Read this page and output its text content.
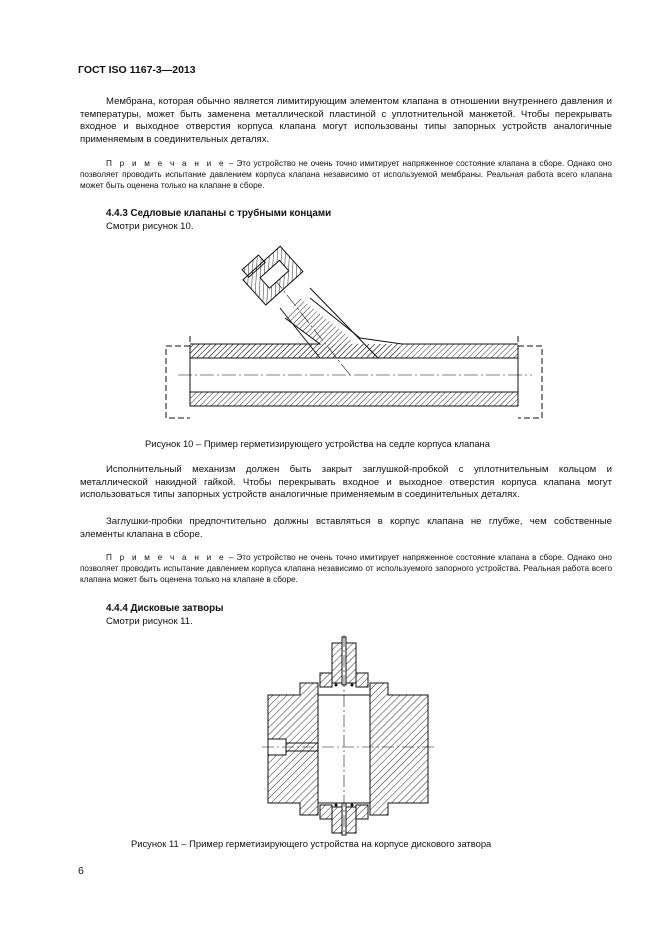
ГОСТ ISO 1167-3—2013
Мембрана, которая обычно является лимитирующим элементом клапана в отношении внутреннего давления и температуры, может быть заменена металлической пластиной с уплотнительной манжетой. Чтобы перекрывать входное и выходное отверстия корпуса клапана могут использованы типы запорных устройств аналогичные применяемым в соединительных деталях.
П р и м е ч а н и е – Это устройство не очень точно имитирует напряженное состояние клапана в сборе. Однако оно позволяет проводить испытание давлением корпуса клапана независимо от используемой мембраны. Реальная работа всего клапана может быть оценена только на клапане в сборе.
4.4.3 Седловые клапаны с трубными концами
Смотри рисунок 10.
Рисунок 10 – Пример герметизирующего устройства на седле корпуса клапана
Исполнительный механизм должен быть закрыт заглушкой-пробкой с уплотнительным кольцом и металлической накидной гайкой. Чтобы перекрывать входное и выходное отверстия корпуса клапана могут использоваться типы запорных устройств аналогичные применяемым в соединительных деталях.
Заглушки-пробки предпочтительно должны вставляться в корпус клапана не глубже, чем собственные элементы клапана в сборе.
П р и м е ч а н и е – Это устройство не очень точно имитирует напряженное состояние клапана в сборе. Однако оно позволяет проводить испытание давлением корпуса клапана независимо от используемого запорного устройства. Реальная работа всего клапана может быть оценена только на клапане в сборе.
4.4.4 Дисковые затворы
Смотри рисунок 11.
Рисунок 11 – Пример герметизирующего устройства на корпусе дискового затвора
6
